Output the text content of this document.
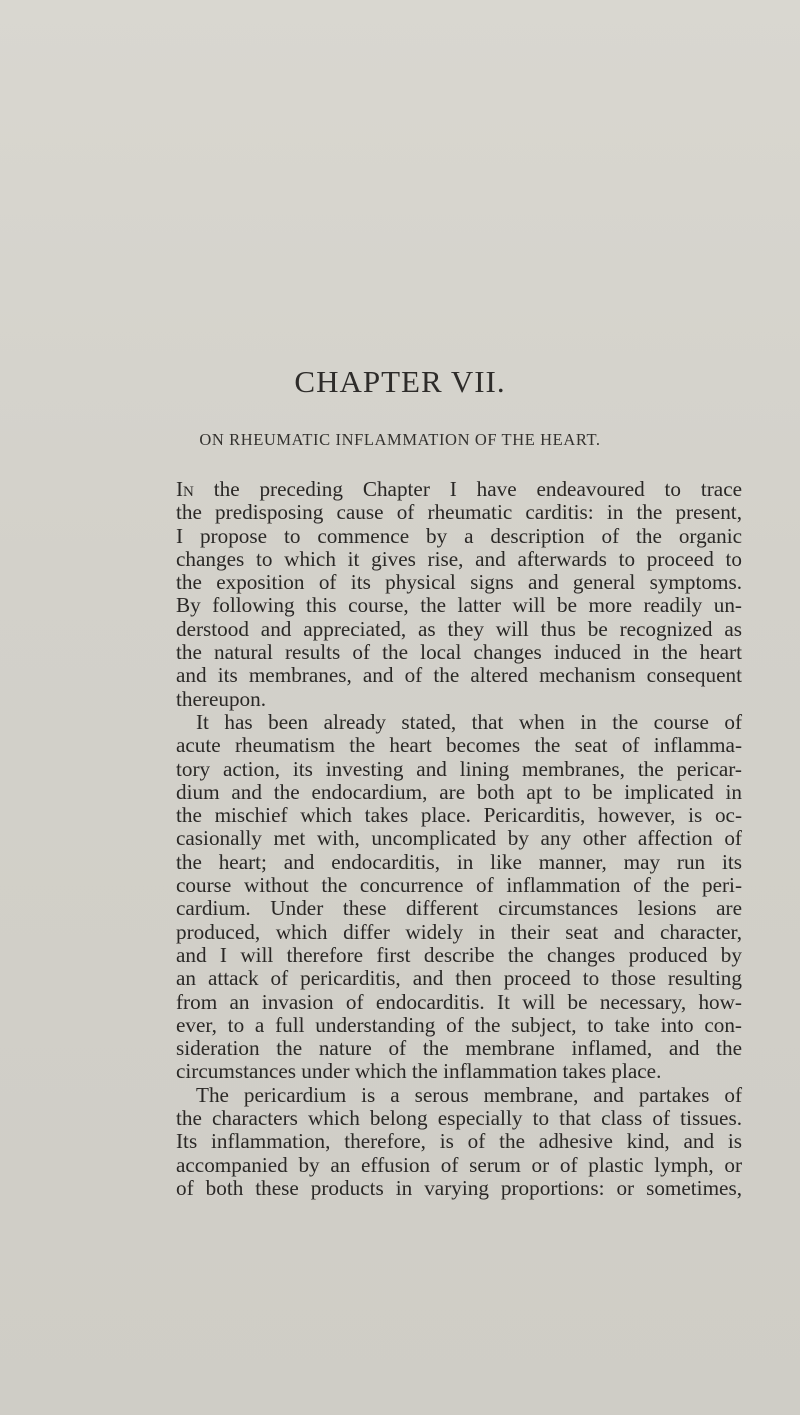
CHAPTER VII.
ON RHEUMATIC INFLAMMATION OF THE HEART.
In the preceding Chapter I have endeavoured to trace
the predisposing cause of rheumatic carditis: in the present,
I propose to commence by a description of the organic
changes to which it gives rise, and afterwards to proceed to
the exposition of its physical signs and general symptoms.
By following this course, the latter will be more readily un-
derstood and appreciated, as they will thus be recognized as
the natural results of the local changes induced in the heart
and its membranes, and of the altered mechanism consequent
thereupon.
It has been already stated, that when in the course of
acute rheumatism the heart becomes the seat of inflamma-
tory action, its investing and lining membranes, the pericar-
dium and the endocardium, are both apt to be implicated in
the mischief which takes place. Pericarditis, however, is oc-
casionally met with, uncomplicated by any other affection of
the heart; and endocarditis, in like manner, may run its
course without the concurrence of inflammation of the peri-
cardium. Under these different circumstances lesions are
produced, which differ widely in their seat and character,
and I will therefore first describe the changes produced by
an attack of pericarditis, and then proceed to those resulting
from an invasion of endocarditis. It will be necessary, how-
ever, to a full understanding of the subject, to take into con-
sideration the nature of the membrane inflamed, and the
circumstances under which the inflammation takes place.
The pericardium is a serous membrane, and partakes of
the characters which belong especially to that class of tissues.
Its inflammation, therefore, is of the adhesive kind, and is
accompanied by an effusion of serum or of plastic lymph, or
of both these products in varying proportions: or sometimes,
